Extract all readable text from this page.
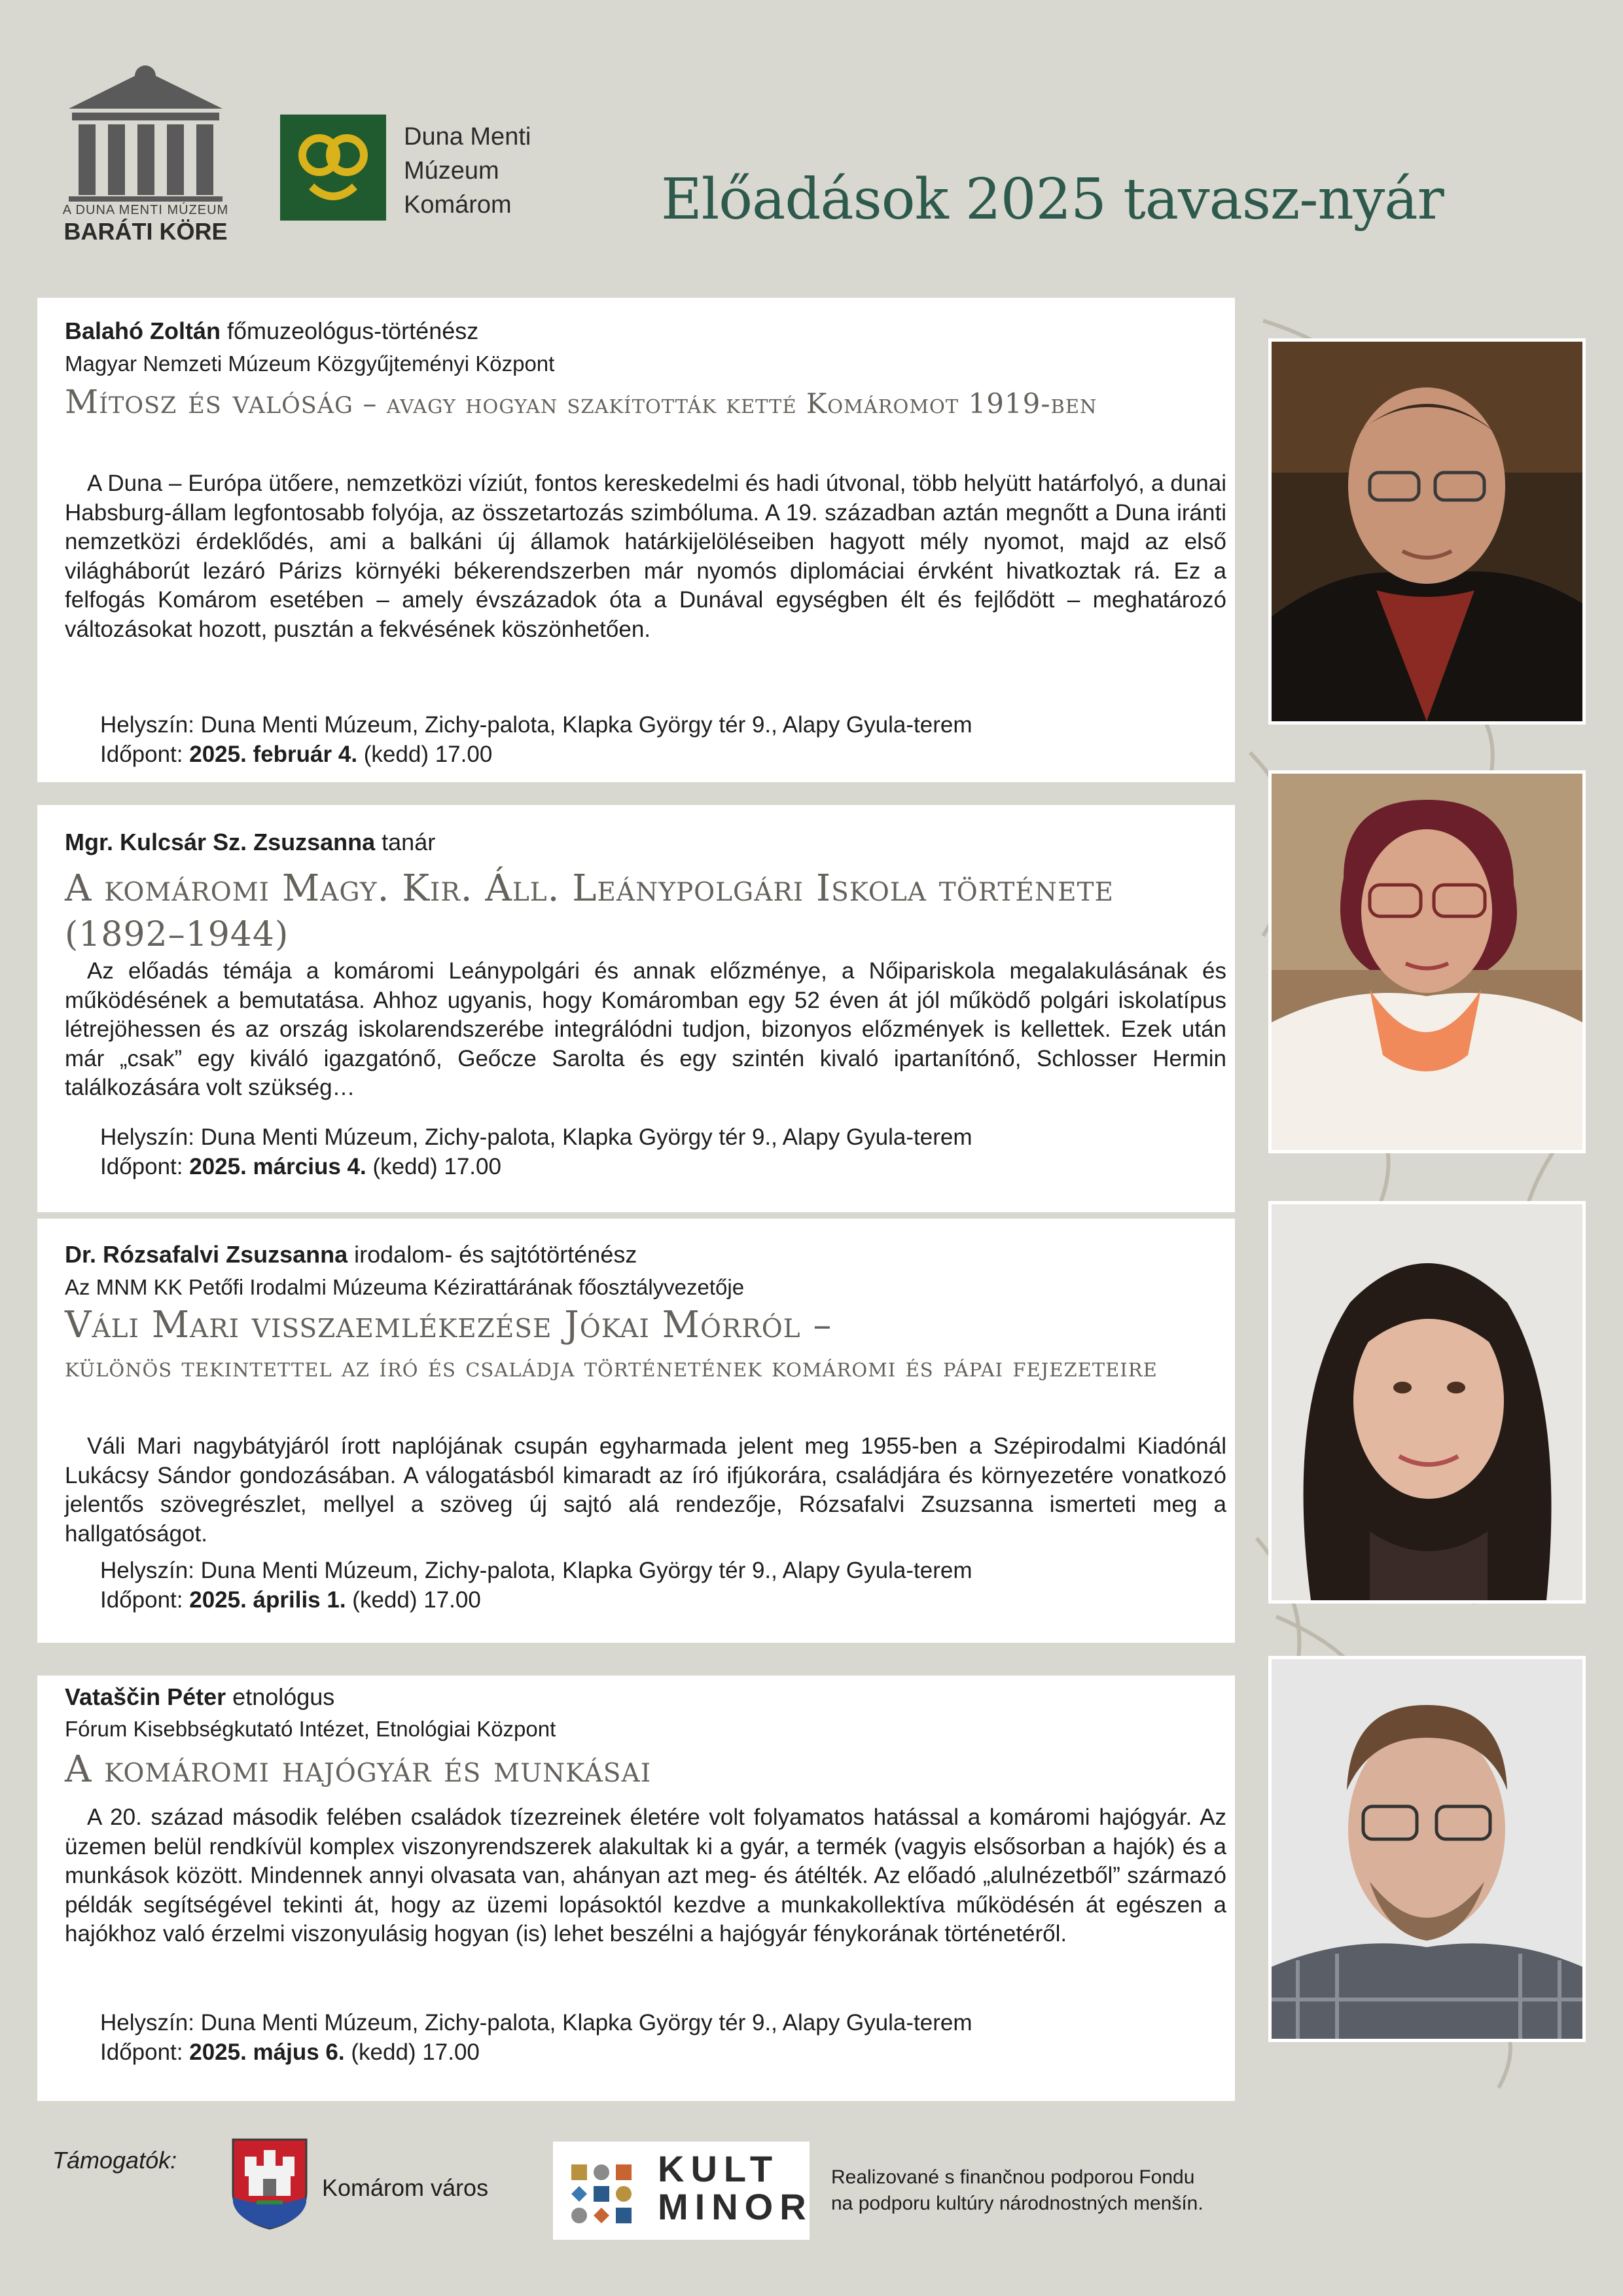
A DUNA MENTI MÚZEUM
BARÁTI KÖRE
Duna Menti
Múzeum
Komárom	Előadások 2025 tavasz-nyár
Balahó Zoltán főmuzeológus-történész
Magyar Nemzeti Múzeum Közgyűjteményi Központ
Mítosz és valóság – avagy hogyan szakították ketté Komáromot 1919-ben
A Duna – Európa ütőere, nemzetközi víziút, fontos kereskedelmi és hadi útvonal, több helyütt határfolyó, a dunai Habsburg-állam legfontosabb folyója, az összetartozás szimbóluma. A 19. században aztán megnőtt a Duna iránti nemzetközi érdeklődés, ami a balkáni új államok határkijelöléseiben hagyott mély nyomot, majd az első világháborút lezáró Párizs környéki békerendszerben már nyomós diplomáciai érvként hivatkoztak rá. Ez a felfogás Komárom esetében – amely évszázadok óta a Dunával egységben élt és fejlődött – meghatározó változásokat hozott, pusztán a fekvésének köszönhetően.
Helyszín: Duna Menti Múzeum, Zichy-palota, Klapka György tér 9., Alapy Gyula-terem
Időpont: 2025. február 4. (kedd) 17.00
Mgr. Kulcsár Sz. Zsuzsanna tanár
A komáromi Magy. Kir. Áll. Leánypolgári Iskola története (1892–1944)
Az előadás témája a komáromi Leánypolgári és annak előzménye, a Nőipariskola megalakulásának és működésének a bemutatása. Ahhoz ugyanis, hogy Komáromban egy 52 éven át jól működő polgári iskolatípus létrejöhessen és az ország iskolarendszerébe integrálódni tudjon, bizonyos előzmények is kellettek. Ezek után már „csak” egy kiváló igazgatónő, Geőcze Sarolta és egy szintén kivaló ipartanítónő, Schlosser Hermin találkozására volt szükség…
Helyszín: Duna Menti Múzeum, Zichy-palota, Klapka György tér 9., Alapy Gyula-terem
Időpont: 2025. március 4. (kedd) 17.00
Dr. Rózsafalvi Zsuzsanna irodalom- és sajtótörténész
Az MNM KK Petőfi Irodalmi Múzeuma Kézirattárának főosztályvezetője
Váli Mari visszaemlékezése Jókai Mórról –
különös tekintettel az író és családja történetének komáromi és pápai fejezeteire
Váli Mari nagybátyjáról írott naplójának csupán egyharmada jelent meg 1955-ben a Szépirodalmi Kiadónál Lukácsy Sándor gondozásában. A válogatásból kimaradt az író ifjúkorára, családjára és környezetére vonatkozó jelentős szövegrészlet, mellyel a szöveg új sajtó alá rendezője, Rózsafalvi Zsuzsanna ismerteti meg a hallgatóságot.
Helyszín: Duna Menti Múzeum, Zichy-palota, Klapka György tér 9., Alapy Gyula-terem
Időpont: 2025. április 1. (kedd) 17.00
Vataščin Péter etnológus
Fórum Kisebbségkutató Intézet, Etnológiai Központ
A komáromi hajógyár és munkásai
A 20. század második felében családok tízezreinek életére volt folyamatos hatással a komáromi hajógyár. Az üzemen belül rendkívül komplex viszonyrendszerek alakultak ki a gyár, a termék (vagyis elsősorban a hajók) és a munkások között. Mindennek annyi olvasata van, ahányan azt meg- és átélték. Az előadó „alulnézetből” származó példák segítségével tekinti át, hogy az üzemi lopásoktól kezdve a munkakollektíva működésén át egészen a hajókhoz való érzelmi viszonyulásig hogyan (is) lehet beszélni a hajógyár fénykorának történetéről.
Helyszín: Duna Menti Múzeum, Zichy-palota, Klapka György tér 9., Alapy Gyula-terem
Időpont: 2025. május 6. (kedd) 17.00
Támogatók:
Komárom város	KULT
MINOR
Realizované s finančnou podporou Fondu
na podporu kultúry národnostných menšín.
